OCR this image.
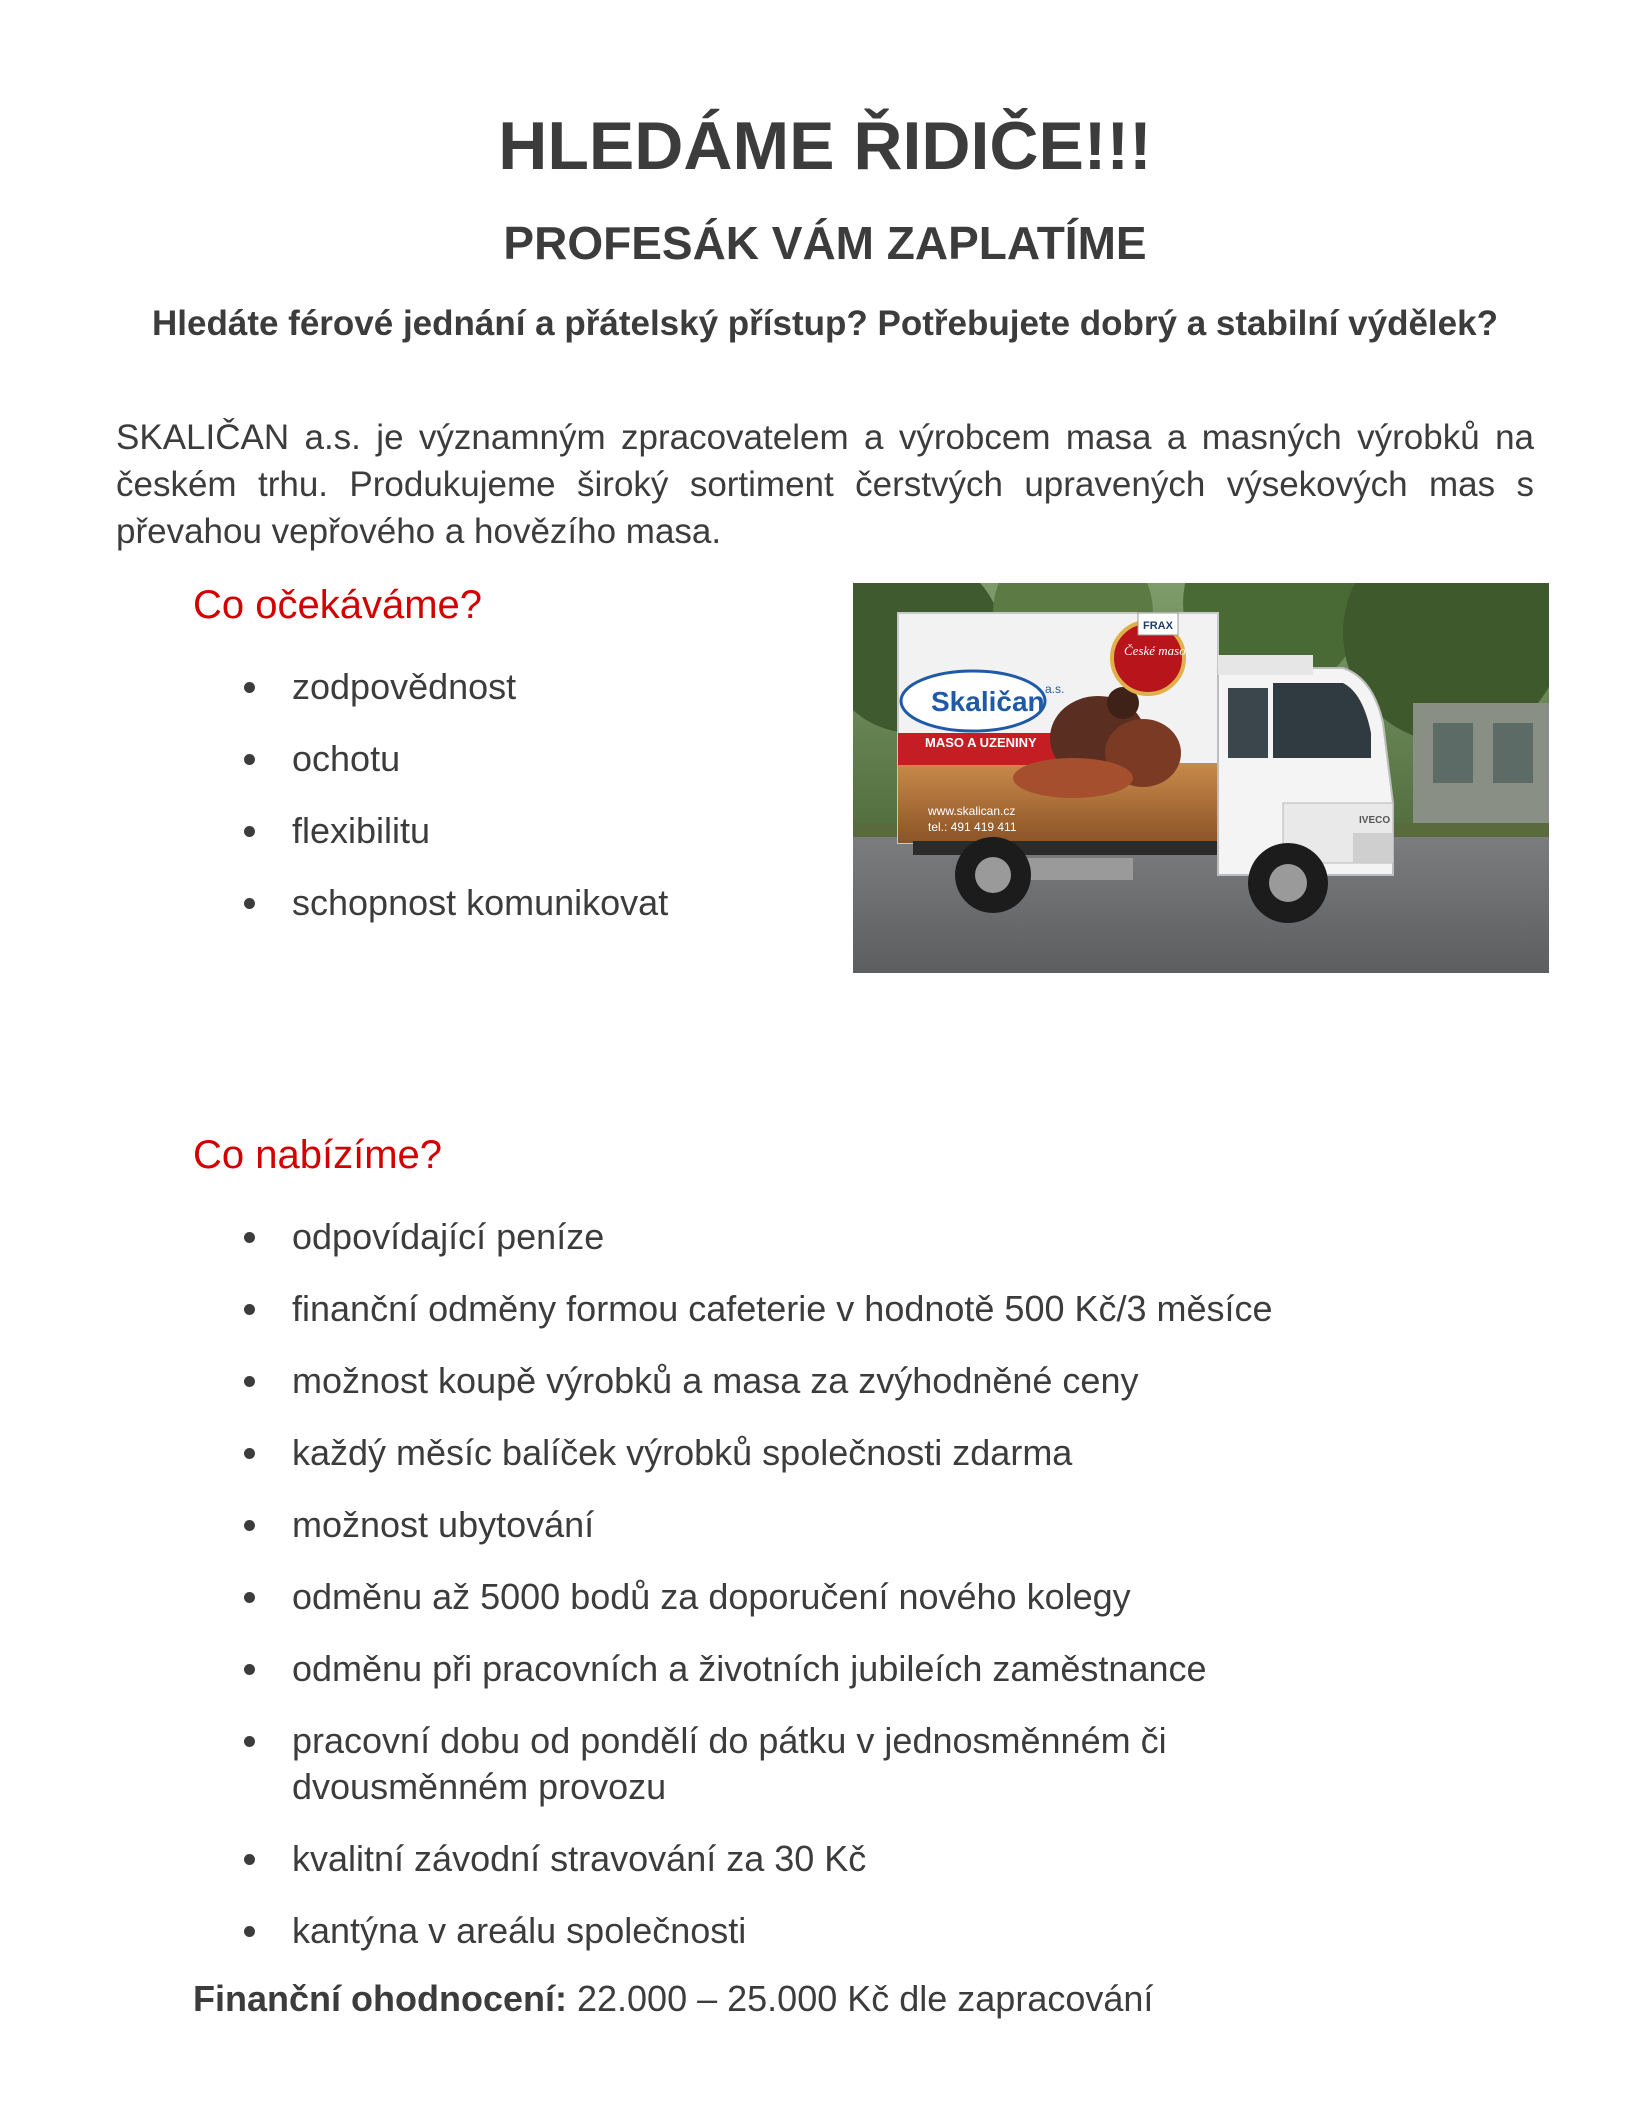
HLEDÁME ŘIDIČE!!!
PROFESÁK VÁM ZAPLATÍME

Hledáte férové jednání a přátelský přístup? Potřebujete dobrý a stabilní výdělek?

SKALIČAN a.s. je významným zpracovatelem a výrobcem masa a masných výrobků na českém trhu. Produkujeme široký sortiment čerstvých upravených výsekových mas s převahou vepřového a hovězího masa.

Co očekáváme?
zodpovědnost
ochotu
flexibilitu
schopnost komunikovat
Skaličan a.s.
MASO A UZENINY
České maso
www.skalican.cz
tel.: 491 419 411
FRAX
IVECO
Co nabízíme?
odpovídající peníze
finanční odměny formou cafeterie v hodnotě 500 Kč/3 měsíce
možnost koupě výrobků a masa za zvýhodněné ceny
každý měsíc balíček výrobků společnosti zdarma
možnost ubytování
odměnu až 5000 bodů za doporučení nového kolegy
odměnu při pracovních a životních jubileích zaměstnance
pracovní dobu od pondělí do pátku v jednosměnném či dvousměnném provozu
kvalitní závodní stravování za 30 Kč
kantýna v areálu společnosti

Finanční ohodnocení: 22.000 – 25.000 Kč dle zapracování
